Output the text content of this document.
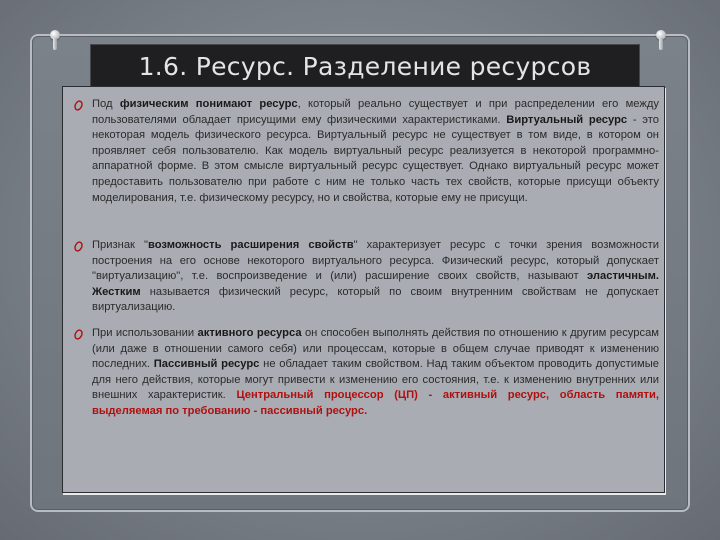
1.6. Ресурс. Разделение ресурсов
Под физическим понимают ресурс, который реально существует и при распределении его между пользователями обладает присущими ему физическими характеристиками. Виртуальный ресурс - это некоторая модель физического ресурса. Виртуальный ресурс не существует в том виде, в котором он проявляет себя пользователю. Как модель виртуальный ресурс реализуется в некоторой программно-аппаратной форме. В этом смысле виртуальный ресурс существует. Однако виртуальный ресурс может предоставить пользователю при работе с ним не только часть тех свойств, которые присущи объекту моделирования, т.е. физическому ресурсу, но и свойства, которые ему не присущи.
Признак "возможность расширения свойств" характеризует ресурс с точки зрения возможности построения на его основе некоторого виртуального ресурса. Физический ресурс, который допускает "виртуализацию", т.е. воспроизведение и (или) расширение своих свойств, называют эластичным. Жестким называется физический ресурс, который по своим внутренним свойствам не допускает виртуализацию.
При использовании активного ресурса он способен выполнять действия по отношению к другим ресурсам (или даже в отношении самого себя) или процессам, которые в общем случае приводят к изменению последних. Пассивный ресурс не обладает таким свойством. Над таким объектом проводить допустимые для него действия, которые могут привести к изменению его состояния, т.е. к изменению внутренних или внешних характеристик. Центральный процессор (ЦП) - активный ресурс, область памяти, выделяемая по требованию - пассивный ресурс.
